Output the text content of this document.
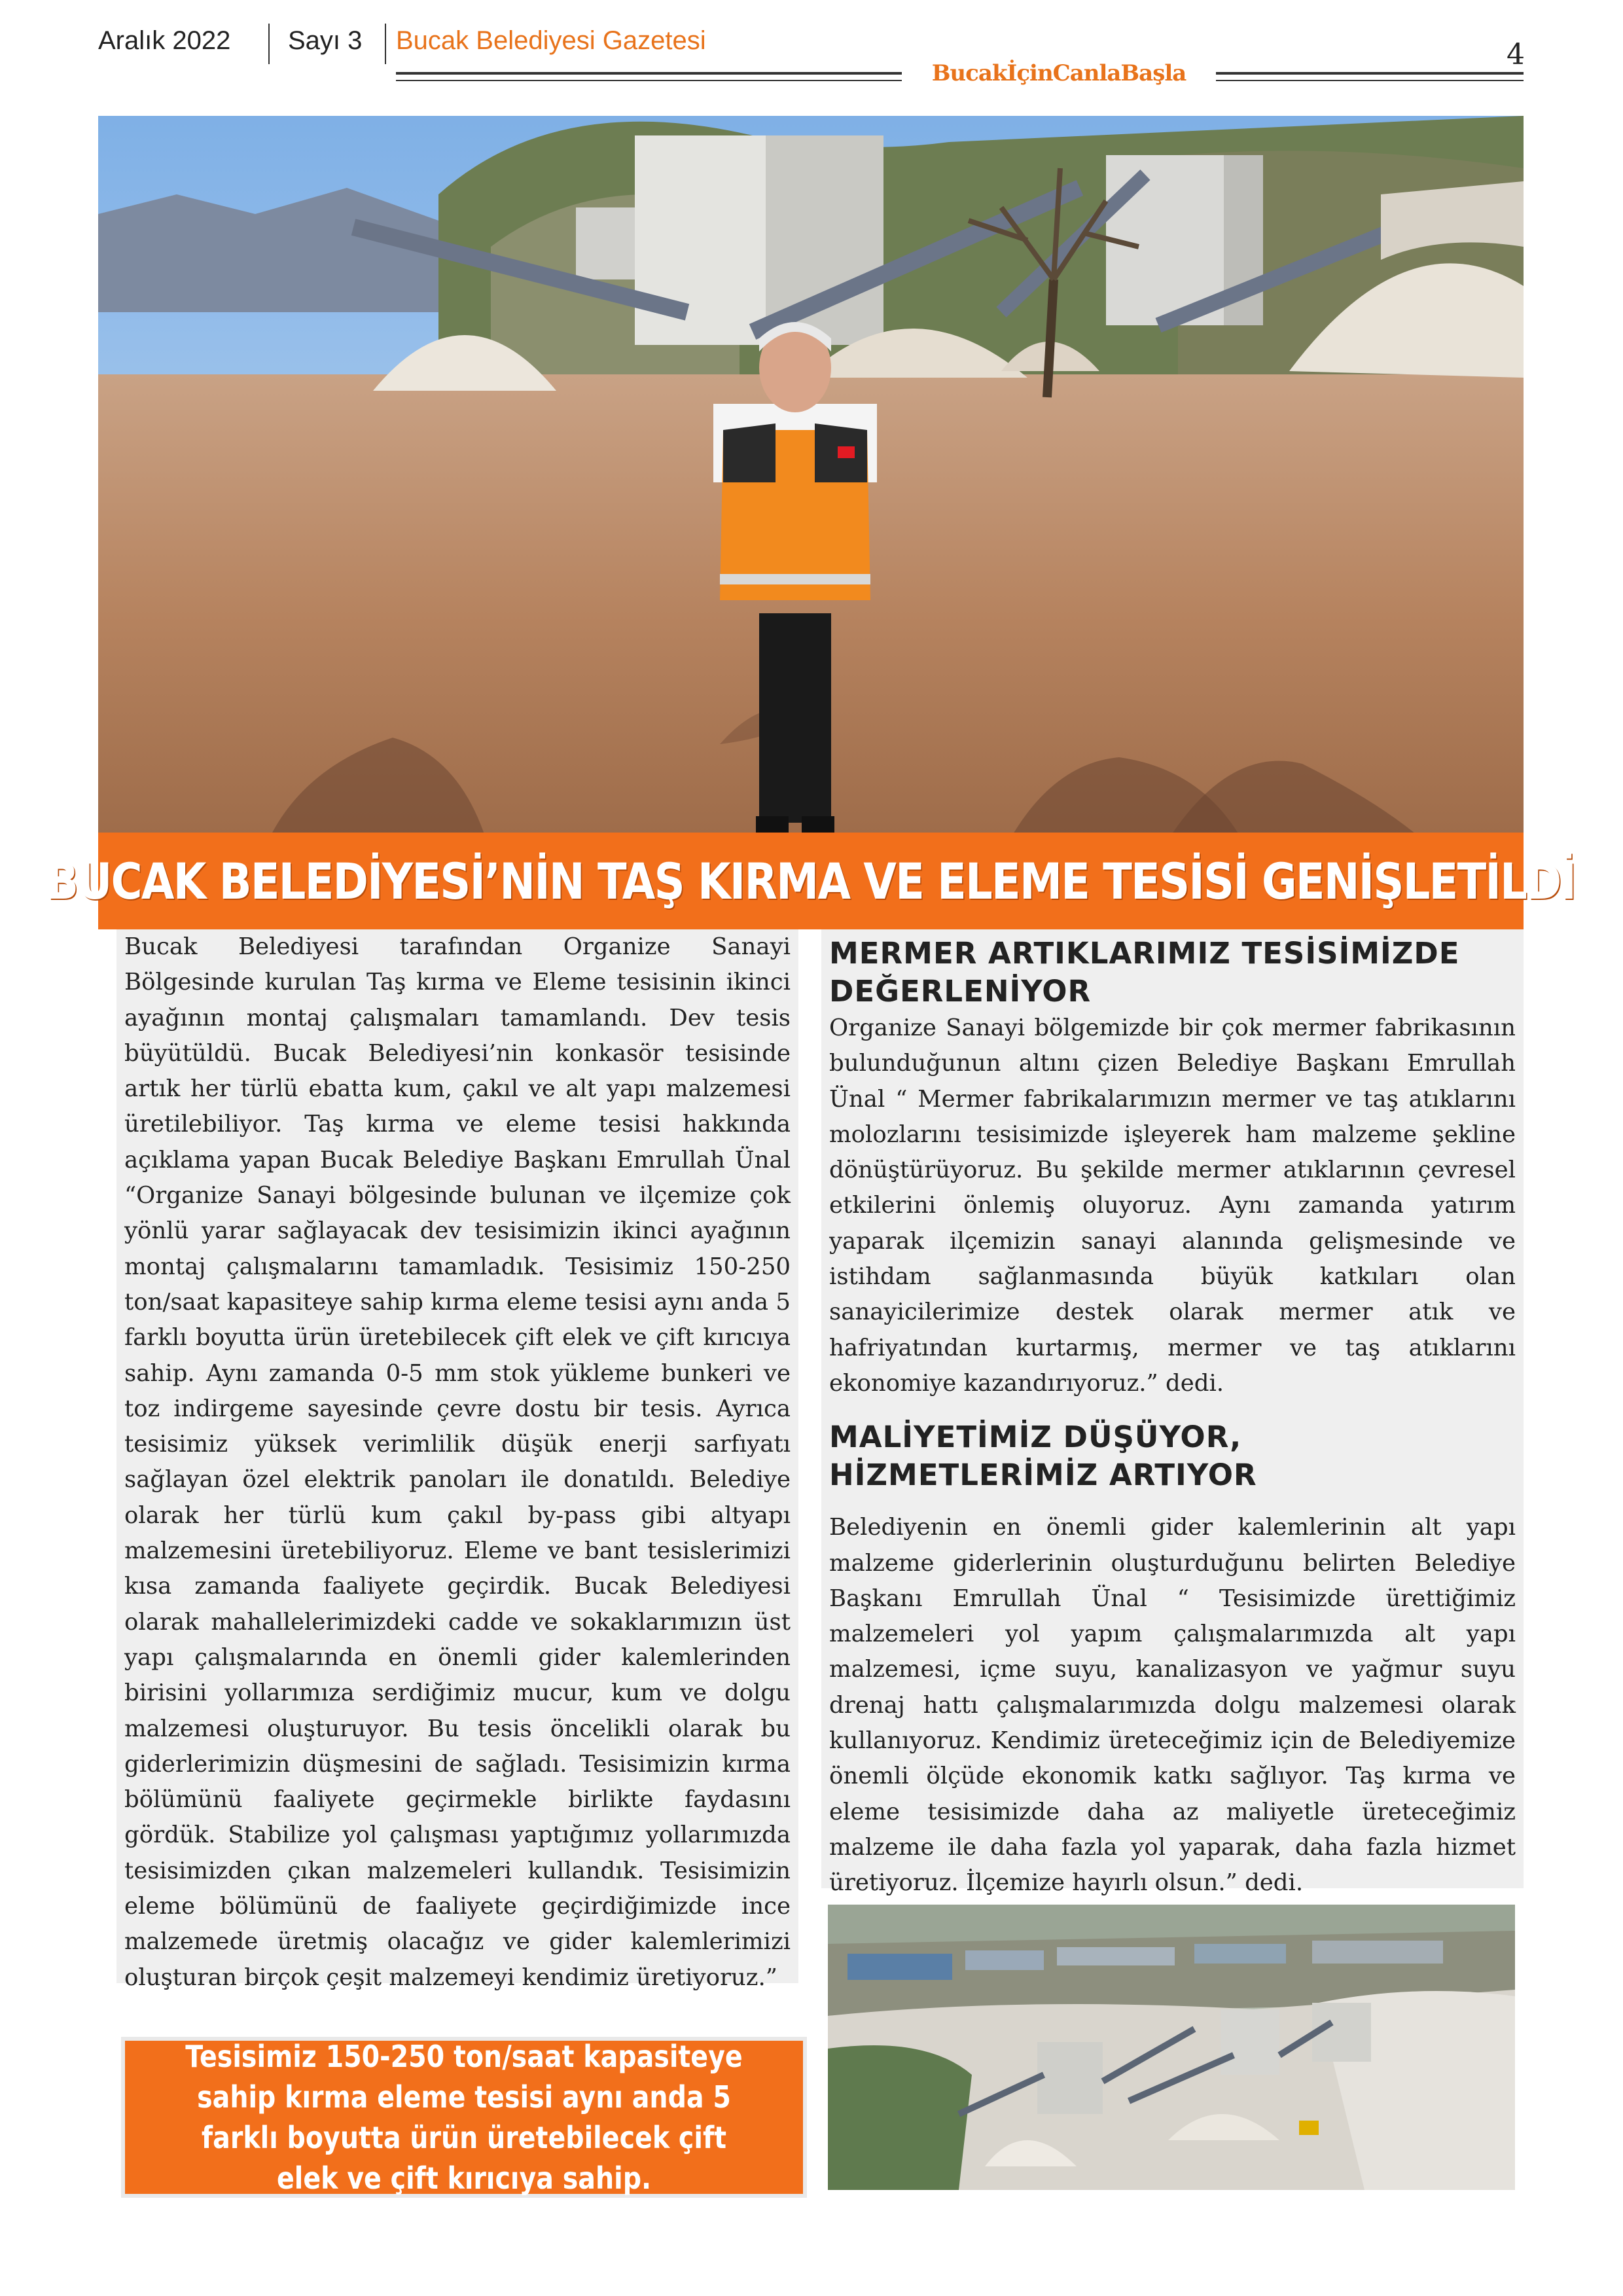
Aralık 2022 Sayı 3 Bucak Belediyesi Gazetesi	4
BucakİçinCanlaBaşla
BUCAK BELEDİYESİ’NİN TAŞ KIRMA VE ELEME TESİSİ GENİŞLETİLDİ

Bucak Belediyesi tarafından Organize Sanayi Bölgesinde kurulan Taş kırma ve Eleme tesisinin ikinci ayağının montaj çalışmaları tamamlandı. Dev tesis büyütüldü. Bucak Belediyesi’nin konkasör tesisinde artık her türlü ebatta kum, çakıl ve alt yapı malzemesi üretilebiliyor. Taş kırma ve eleme tesisi hakkında açıklama yapan Bucak Belediye Başkanı Emrullah Ünal “Organize Sanayi bölgesinde bulunan ve ilçemize çok yönlü yarar sağlayacak dev tesisimizin ikinci ayağının montaj çalışmalarını tamamladık. Tesisimiz 150-250 ton/saat kapasiteye sahip kırma eleme tesisi aynı anda 5 farklı boyutta ürün üretebilecek çift elek ve çift kırıcıya sahip. Aynı zamanda 0-5 mm stok yükleme bunkeri ve toz indirgeme sayesinde çevre dostu bir tesis. Ayrıca tesisimiz yüksek verimlilik düşük enerji sarfıyatı sağlayan özel elektrik panoları ile donatıldı. Belediye olarak her türlü kum çakıl by-pass gibi altyapı malzemesini üretebiliyoruz. Eleme ve bant tesislerimizi kısa zamanda faaliyete geçirdik. Bucak Belediyesi olarak mahallelerimizdeki cadde ve sokaklarımızın üst yapı çalışmalarında en önemli gider kalemlerinden birisini yollarımıza serdiğimiz mucur, kum ve dolgu malzemesi oluşturuyor. Bu tesis öncelikli olarak bu giderlerimizin düşmesini de sağladı. Tesisimizin kırma bölümünü faaliyete geçirmekle birlikte faydasını gördük. Stabilize yol çalışması yaptığımız yollarımızda tesisimizden çıkan malzemeleri kullandık. Tesisimizin eleme bölümünü de faaliyete geçirdiğimizde ince malzemede üretmiş olacağız ve gider kalemlerimizi oluşturan birçok çeşit malzemeyi kendimiz üretiyoruz.”

MERMER ARTIKLARIMIZ TESİSİMİZDE DEĞERLENİYOR

Organize Sanayi bölgemizde bir çok mermer fabrikasının bulunduğunun altını çizen Belediye Başkanı Emrullah Ünal “ Mermer fabrikalarımızın mermer ve taş atıklarını molozlarını tesisimizde işleyerek ham malzeme şekline dönüştürüyoruz. Bu şekilde mermer atıklarının çevresel etkilerini önlemiş oluyoruz. Aynı zamanda yatırım yaparak ilçemizin sanayi alanında gelişmesinde ve istihdam sağlanmasında büyük katkıları olan sanayicilerimize destek olarak mermer atık ve hafriyatından kurtarmış, mermer ve taş atıklarını ekonomiye kazandırıyoruz.” dedi.

MALİYETİMİZ DÜŞÜYOR, HİZMETLERİMİZ ARTIYOR

Belediyenin en önemli gider kalemlerinin alt yapı malzeme giderlerinin oluşturduğunu belirten Belediye Başkanı Emrullah Ünal “ Tesisimizde ürettiğimiz malzemeleri yol yapım çalışmalarımızda alt yapı malzemesi, içme suyu, kanalizasyon ve yağmur suyu drenaj hattı çalışmalarımızda dolgu malzemesi olarak kullanıyoruz. Kendimiz üreteceğimiz için de Belediyemize önemli ölçüde ekonomik katkı sağlıyor. Taş kırma ve eleme tesisimizde daha az maliyetle üreteceğimiz malzeme ile daha fazla yol yaparak, daha fazla hizmet üretiyoruz. İlçemize hayırlı olsun.” dedi.

Tesisimiz 150-250 ton/saat kapasiteye sahip kırma eleme tesisi aynı anda 5 farklı boyutta ürün üretebilecek çift elek ve çift kırıcıya sahip.
